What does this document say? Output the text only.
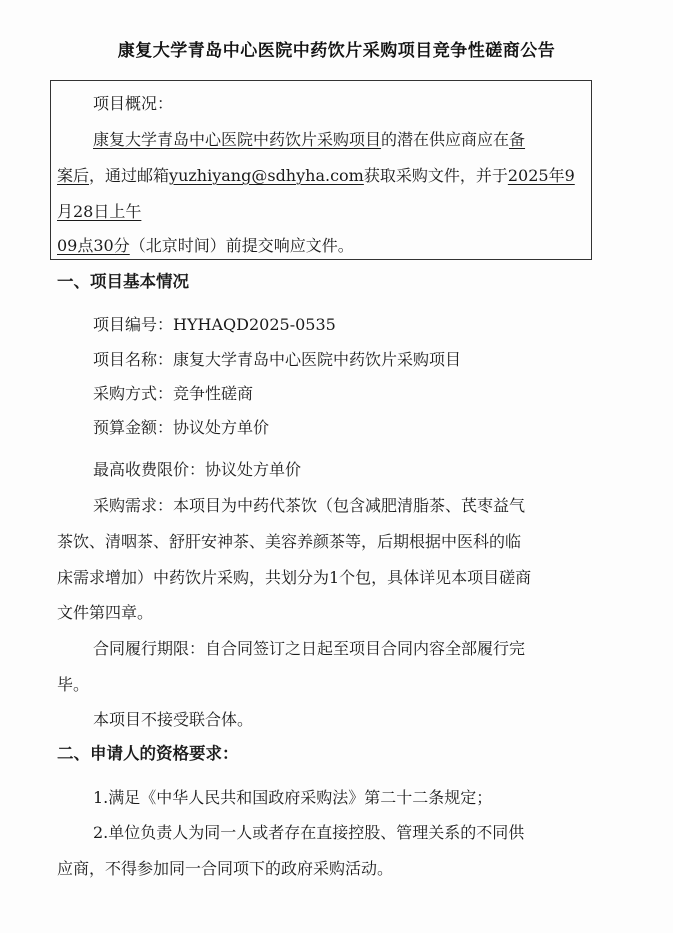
康复大学青岛中心医院中药饮片采购项目竞争性磋商公告
项目概况：
康复大学青岛中心医院中药饮片采购项目的潜在供应商应在备
案后，通过邮箱yuzhiyang@sdhyha.com获取采购文件，并于2025年9
月28日上午
09点30分（北京时间）前提交响应文件。
一、项目基本情况
项目编号：HYHAQD2025-0535
项目名称：康复大学青岛中心医院中药饮片采购项目
采购方式：竞争性磋商
预算金额：协议处方单价
最高收费限价：协议处方单价
采购需求：本项目为中药代茶饮（包含减肥清脂茶、芪枣益气
茶饮、清咽茶、舒肝安神茶、美容养颜茶等，后期根据中医科的临
床需求增加）中药饮片采购，共划分为1个包，具体详见本项目磋商
文件第四章。
合同履行期限：自合同签订之日起至项目合同内容全部履行完
毕。
本项目不接受联合体。
二、申请人的资格要求：
1.满足《中华人民共和国政府采购法》第二十二条规定；
2.单位负责人为同一人或者存在直接控股、管理关系的不同供
应商，不得参加同一合同项下的政府采购活动。
